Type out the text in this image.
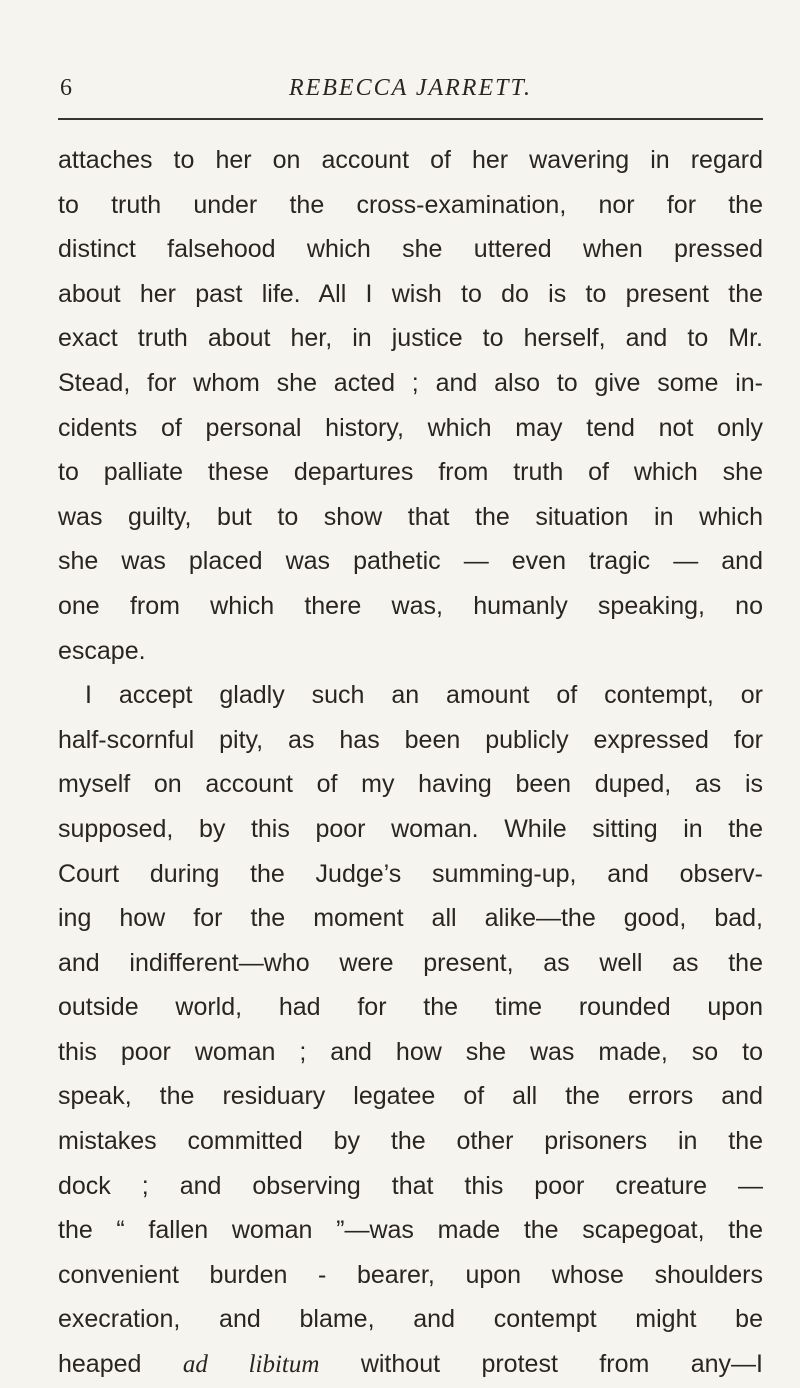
6	REBECCA JARRETT.
attaches to her on account of her wavering in regard
to truth under the cross-examination, nor for the
distinct falsehood which she uttered when pressed
about her past life. All I wish to do is to present the
exact truth about her, in justice to herself, and to Mr.
Stead, for whom she acted ; and also to give some in-
cidents of personal history, which may tend not only
to palliate these departures from truth of which she
was guilty, but to show that the situation in which
she was placed was pathetic — even tragic — and
one from which there was, humanly speaking, no
escape.
I accept gladly such an amount of contempt, or
half-scornful pity, as has been publicly expressed for
myself on account of my having been duped, as is
supposed, by this poor woman. While sitting in the
Court during the Judge’s summing-up, and observ-
ing how for the moment all alike—the good, bad,
and indifferent—who were present, as well as the
outside world, had for the time rounded upon
this poor woman ; and how she was made, so to
speak, the residuary legatee of all the errors and
mistakes committed by the other prisoners in the
dock ; and observing that this poor creature —
the “ fallen woman ”—was made the scapegoat, the
convenient burden - bearer, upon whose shoulders
execration, and blame, and contempt might be
heaped ad libitum without protest from any—I
